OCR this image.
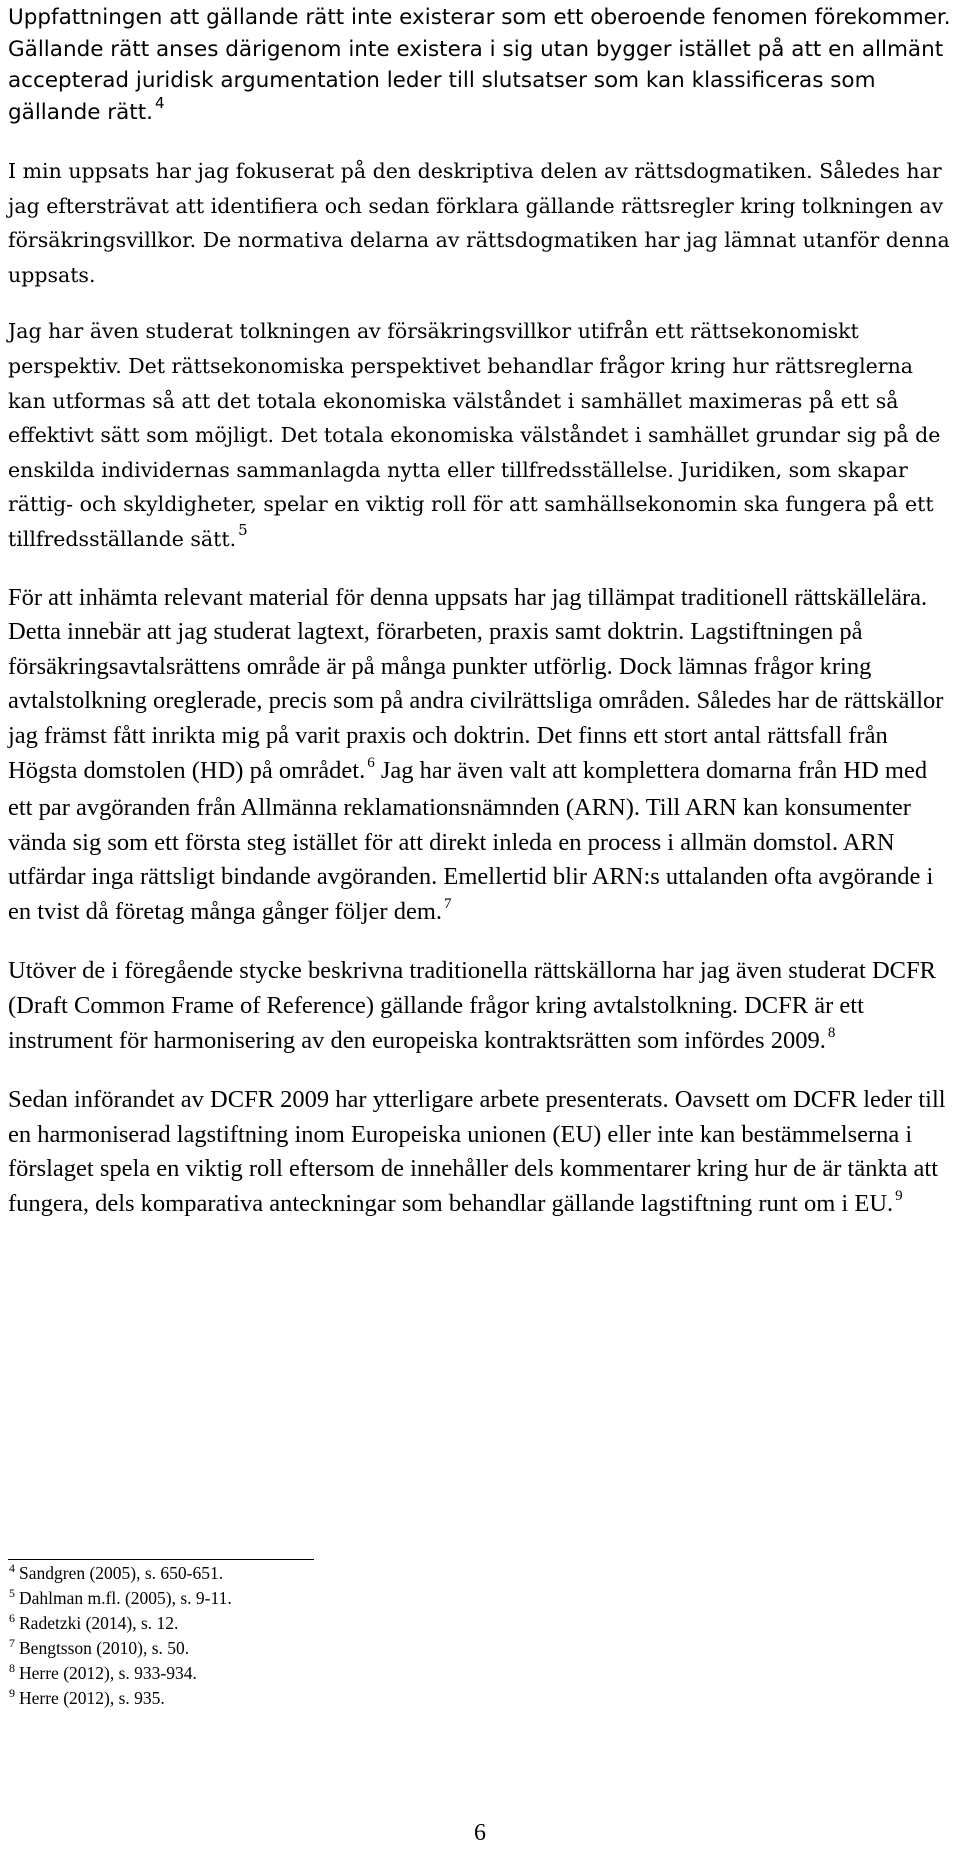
Uppfattningen att gällande rätt inte existerar som ett oberoende fenomen förekommer. Gällande rätt anses därigenom inte existera i sig utan bygger istället på att en allmänt accepterad juridisk argumentation leder till slutsatser som kan klassificeras som gällande rätt. $^4$

I min uppsats har jag fokuserat på den deskriptiva delen av rättsdogmatiken. Således har jag eftersträvat att identifiera och sedan förklara gällande rättsregler kring tolkningen av försäkringsvillkor. De normativa delarna av rättsdogmatiken har jag lämnat utanför denna uppsats.

Jag har även studerat tolkningen av försäkringsvillkor utifrån ett rättsekonomiskt perspektiv. Det rättsekonomiska perspektivet behandlar frågor kring hur rättsreglerna kan utformas så att det totala ekonomiska välståndet i samhället maximeras på ett så effektivt sätt som möjligt. Det totala ekonomiska välståndet i samhället grundar sig på de enskilda individernas sammanlagda nytta eller tillfredsställelse. Juridiken, som skapar rättig- och skyldigheter, spelar en viktig roll för att samhällsekonomin ska fungera på ett tillfredsställande sätt. $^5$

För att inhämta relevant material för denna uppsats har jag tillämpat traditionell rättskällelära. Detta innebär att jag studerat lagtext, förarbeten, praxis samt doktrin. Lagstiftningen på försäkringsavtalsrättens område är på många punkter utförlig. Dock lämnas frågor kring avtalstolkning oreglerade, precis som på andra civilrättsliga områden. Således har de rättskällor jag främst fått inrikta mig på varit praxis och doktrin. Det finns ett stort antal rättsfall från Högsta domstolen (HD) på området. $^6$ Jag har även valt att komplettera domarna från HD med ett par avgöranden från Allmänna reklamationsnämnden (ARN). Till ARN kan konsumenter vända sig som ett första steg istället för att direkt inleda en process i allmän domstol. ARN utfärdar inga rättsligt bindande avgöranden. Emellertid blir ARN:s uttalanden ofta avgörande i en tvist då företag många gånger följer dem. $^7$

Utöver de i föregående stycke beskrivna traditionella rättskällorna har jag även studerat DCFR (Draft Common Frame of Reference) gällande frågor kring avtalstolkning. DCFR är ett instrument för harmonisering av den europeiska kontraktsrätten som infördes 2009. $^8$

Sedan införandet av DCFR 2009 har ytterligare arbete presenterats. Oavsett om DCFR leder till en harmoniserad lagstiftning inom Europeiska unionen (EU) eller inte kan bestämmelserna i förslaget spela en viktig roll eftersom de innehåller dels kommentarer kring hur de är tänkta att fungera, dels komparativa anteckningar som behandlar gällande lagstiftning runt om i EU. $^9$

$^4$ Sandgren (2005), s. 650-651.

$^5$ Dahlman m.fl. (2005), s. 9-11.

$^6$ Radetzki (2014), s. 12.

$^7$ Bengtsson (2010), s. 50.

$^8$ Herre (2012), s. 933-934.

$^9$ Herre (2012), s. 935.

6
